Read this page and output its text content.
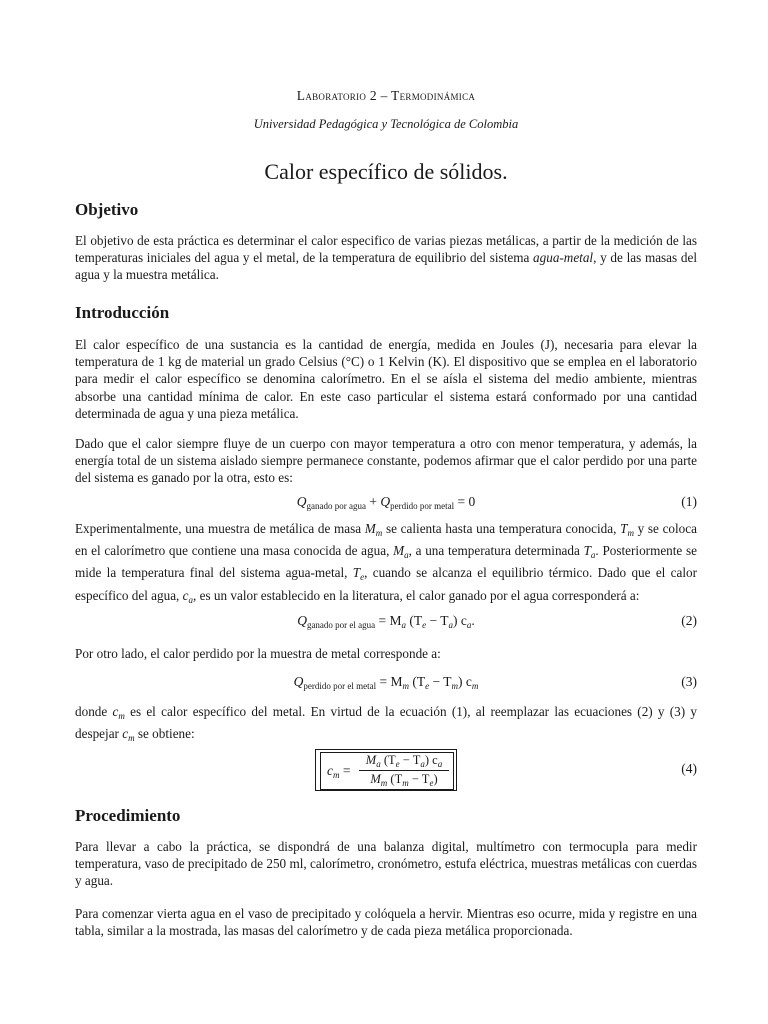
Laboratorio 2 – Termodinámica
Universidad Pedagógica y Tecnológica de Colombia
Calor específico de sólidos.
Objetivo

El objetivo de esta práctica es determinar el calor especifico de varias piezas metálicas, a partir de la medición de las temperaturas iniciales del agua y el metal, de la temperatura de equilibrio del sistema agua-metal, y de las masas del agua y la muestra metálica.

Introducción

El calor específico de una sustancia es la cantidad de energía, medida en Joules (J), necesaria para elevar la temperatura de 1 kg de material un grado Celsius (°C) o 1 Kelvin (K). El dispositivo que se emplea en el laboratorio para medir el calor específico se denomina calorímetro. En el se aísla el sistema del medio ambiente, mientras absorbe una cantidad mínima de calor. En este caso particular el sistema estará conformado por una cantidad determinada de agua y una pieza metálica.

Dado que el calor siempre fluye de un cuerpo con mayor temperatura a otro con menor temperatura, y además, la energía total de un sistema aislado siempre permanece constante, podemos afirmar que el calor perdido por una parte del sistema es ganado por la otra, esto es:

$Q_{ganado por agua} + Q_{perdido por metal} = 0$	(1)

Experimentalmente, una muestra de metálica de masa $M_m$ se calienta hasta una temperatura conocida, $T_m$ y se coloca en el calorímetro que contiene una masa conocida de agua, $M_a$, a una temperatura determinada $T_a$. Posteriormente se mide la temperatura final del sistema agua-metal, $T_e$, cuando se alcanza el equilibrio térmico. Dado que el calor específico del agua, $c_a$, es un valor establecido en la literatura, el calor ganado por el agua corresponderá a:

$Q_{ganado por el agua} = M_a$ $(T_e - T_a)$ $c_a$.	(2)

Por otro lado, el calor perdido por la muestra de metal corresponde a:

$Q_{perdido por el metal} = M_m$ $(T_e - T_m)$ $c_m$	(3)

donde $c_m$ es el calor específico del metal. En virtud de la ecuación (1), al reemplazar las ecuaciones (2) y (3) y despejar $c_m$ se obtiene:

$c_m$ =
$M_a$ $(T_e - T_a)$ $c_a$
$M_m$ $(T_m - T_e)$
(4)
Procedimiento

Para llevar a cabo la práctica, se dispondrá de una balanza digital, multímetro con termocupla para medir temperatura, vaso de precipitado de 250 ml, calorímetro, cronómetro, estufa eléctrica, muestras metálicas con cuerdas y agua.

Para comenzar vierta agua en el vaso de precipitado y colóquela a hervir. Mientras eso ocurre, mida y registre en una tabla, similar a la mostrada, las masas del calorímetro y de cada pieza metálica proporcionada.
